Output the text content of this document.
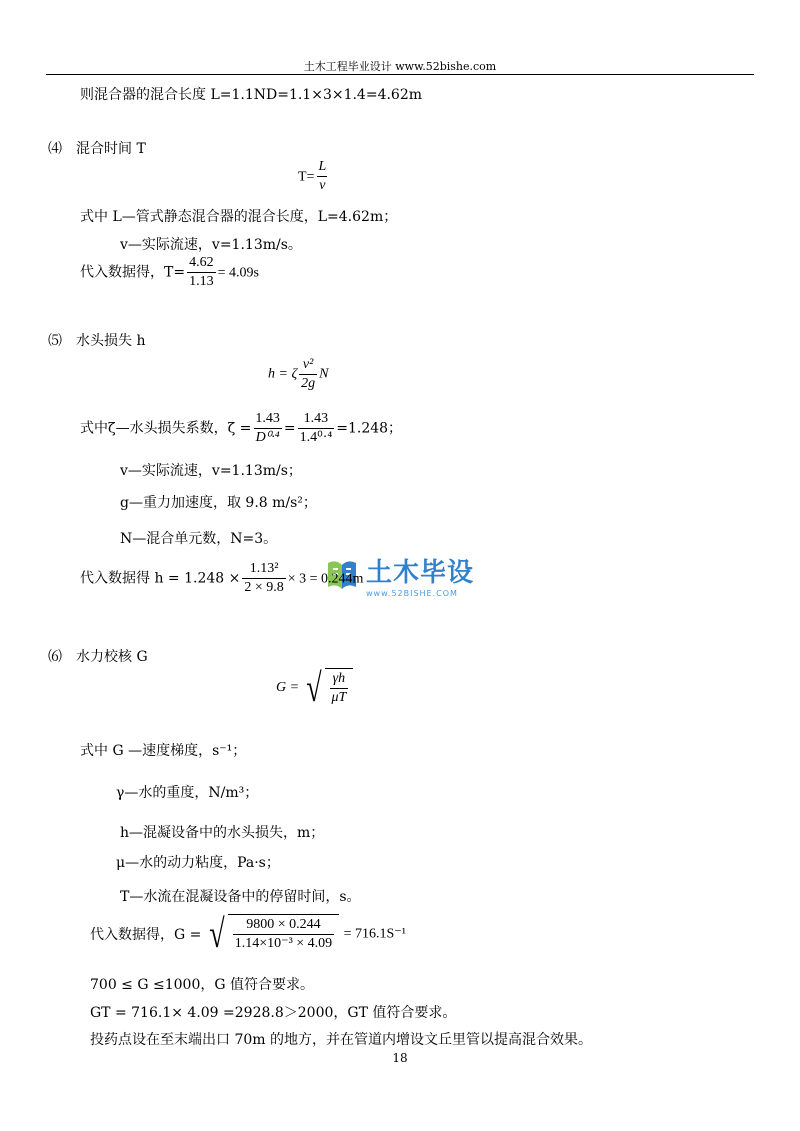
土木工程毕业设计 www.52bishe.com
则混合器的混合长度 L=1.1ND=1.1×3×1.4=4.62m
⑷　混合时间 T
$T= \frac{L}{v}$
式中 L—管式静态混合器的混合长度，L=4.62m；
v—实际流速，v=1.13m/s。
代入数据得，$T= \frac{4.62}{1.13} = 4.09s$
⑸　水头损失 h
h = ζ $\frac{\text{v²}}{2g}$ N
式中ζ—水头损失系数，$\zeta = \frac{1.43}{\text{D⁰·⁴}} = \frac{1.43}{\text{1.4⁰·⁴}} =1.248$；
v—实际流速，v=1.13m/s；
g—重力加速度，取 9.8 m/s²；
N—混合单元数，N=3。
土木毕设
www.52BISHE.COM
代入数据得 $h = 1.248 \times \frac{\text{1.13²}}{2 \times 9.8} \times 3 = 0.244m$
⑹　水力校核 G
G = √ $\frac{\gamma h}{\mu T}$
式中 G —速度梯度，s⁻¹；
γ—水的重度，N/m³；
h—混凝设备中的水头损失，m；
μ—水的动力粘度，Pa·s；
T—水流在混凝设备中的停留时间，s。
代入数据得，G = √ $\frac{9800 \times 0.244}{\text{1.14×10⁻³ × 4.09}} = 716.1S^{-1}$
700 ≤ G ≤1000，G 值符合要求。
GT = 716.1× 4.09 =2928.8＞2000，GT 值符合要求。
投药点设在至末端出口 70m 的地方，并在管道内增设文丘里管以提高混合效果。
18
